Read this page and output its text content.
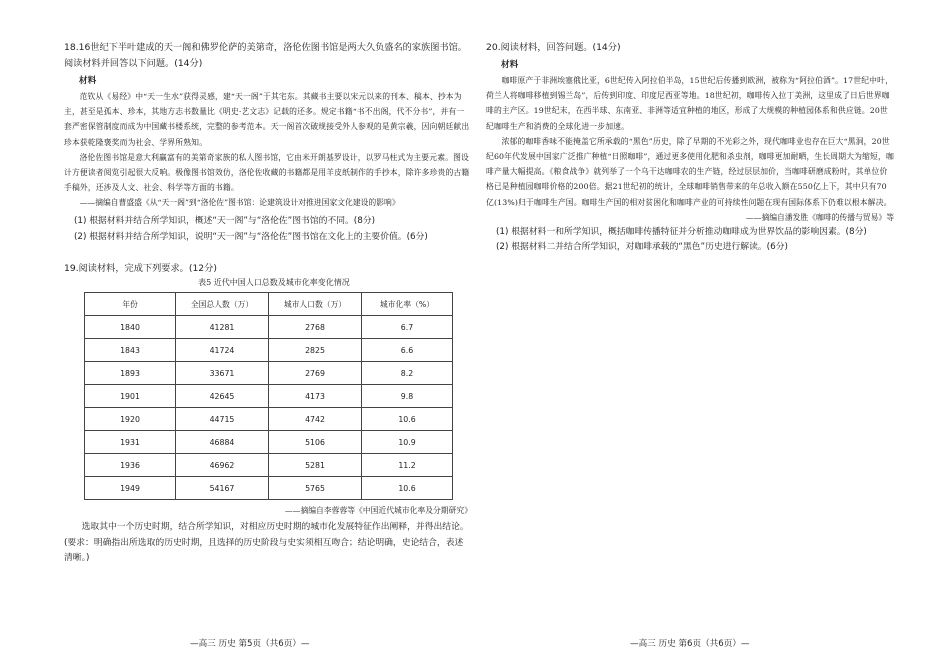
18.16世纪下半叶建成的天一阁和佛罗伦萨的美第奇，洛伦佐图书馆是两大久负盛名的家族图书馆。阅读材料并回答以下问题。(14分)

材料

范钦从《易经》中“天一生水”获得灵感，建“天一阁”于其宅东。其藏书主要以宋元以来的刊本、稿本、抄本为主，甚至是孤本、珍本，其地方志书数量比《明史·艺文志》记载的还多。规定书籍“书不出阁，代不分书”，并有一套严密保管制度而成为中国藏书楼系统，完整的参考范本。天一阁首次破规接受外人参观的是黄宗羲，因向朝廷献出珍本获乾隆褒奖而为社会、学界所熟知。

洛伦佐图书馆是意大利赢富有的美第奇家族的私人图书馆，它由米开朗基罗设计，以罗马柱式为主要元素。图设计方便读者阅览引起很大反响。极像图书馆效仿，洛伦佐收藏的书籍都是用羊皮纸制作的手抄本，除许多珍贵的古籍手稿外，还涉及人文、社会、科学等方面的书籍。

——摘编自曹盛盛《从“天一阁”到“洛伦佐”图书馆：论建筑设计对推进国家文化建设的影响》

(1) 根据材料并结合所学知识，概述“天一阁”与“洛伦佐”图书馆的不同。(8分)

(2) 根据材料并结合所学知识，说明“天一阁”与“洛伦佐”图书馆在文化上的主要价值。(6分)

19.阅读材料，完成下列要求。(12分)

表5 近代中国人口总数及城市化率变化情况

年份	全国总人数（万）	城市人口数（万）	城市化率（%）
1840	41281	2768	6.7
1843	41724	2825	6.6
1893	33671	2769	8.2
1901	42645	4173	9.8
1920	44715	4742	10.6
1931	46884	5106	10.9
1936	46962	5281	11.2
1949	54167	5765	10.6

——摘编自李蓉蓉等《中国近代城市化率及分期研究》

选取其中一个历史时期，结合所学知识，对相应历史时期的城市化发展特征作出阐释，并得出结论。(要求：明确指出所选取的历史时期，且选择的历史阶段与史实须相互吻合；结论明确，史论结合，表述清晰。)

20.阅读材料，回答问题。(14分)

材料

咖啡原产于非洲埃塞俄比亚，6世纪传入阿拉伯半岛，15世纪后传播到欧洲，被称为“阿拉伯酒”。17世纪中叶，荷兰人将咖啡移植到锡兰岛”，后传到印度、印度尼西亚等地。18世纪初，咖啡传入拉丁美洲，这里成了日后世界咖啡的主产区。19世纪末，在西半球、东南亚、非洲等适宜种植的地区，形成了大规模的种植园体系和供应链。20世纪咖啡生产和消费的全球化进一步加速。

浓郁的咖啡香味不能掩盖它所承载的“黑色”历史，除了早期的不光彩之外，现代咖啡业也存在巨大“黑洞，20世纪60年代发展中国家广泛推广种植“日照咖啡”，通过更多使用化肥和杀虫剂，咖啡更加耐晒，生长周期大为缩短，咖啡产量大幅提高。《粮食战争》就列举了一个乌干达咖啡农的生产链，经过层层加价，当咖啡研磨成粉时，其单位价格已是种植园咖啡价格的200倍。据21世纪初的统计，全球咖啡销售带来的年总收入额在550亿上下，其中只有70亿(13%)归于咖啡生产国。咖啡生产国的相对贫困化和咖啡产业的可持续性问题在现有国际体系下仍难以根本解决。

——摘编自潘发胜《咖啡的传播与贸易》等

(1) 根据材料一和所学知识，概括咖啡传播特征并分析推动咖啡成为世界饮品的影响因素。(8分)

(2) 根据材料二并结合所学知识，对咖啡承载的“黑色”历史进行解读。(6分)

—高三 历史 第5页（共6页）—	—高三 历史 第6页（共6页）—
